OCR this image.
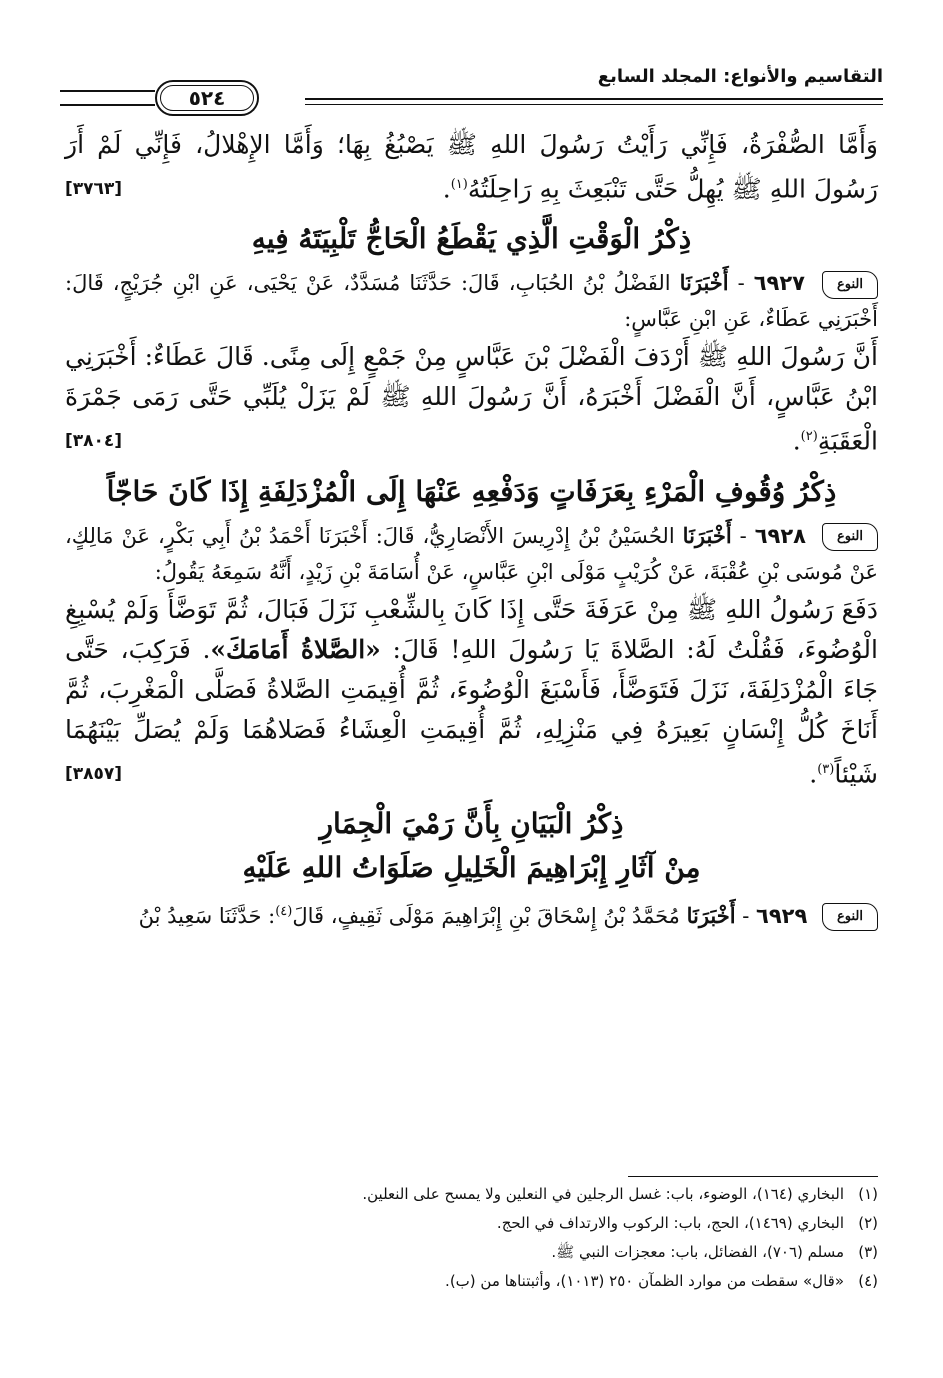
التقاسيم والأنواع: المجلد السابع
٥٢٤

وَأَمَّا الصُّفْرَةُ، فَإِنِّي رَأَيْتُ رَسُولَ اللهِ ﷺ يَصْبُغُ بِهَا؛ وَأَمَّا الإِهْلالُ، فَإِنِّي لَمْ أَرَ رَسُولَ اللهِ ﷺ يُهِلُّ حَتَّى تَنْبَعِثَ بِهِ رَاحِلَتُهُ$^{(١)}$.
[٣٧٦٣]

ذِكْرُ الْوَقْتِ الَّذِي يَقْطَعُ الْحَاجُّ تَلْبِيَتَهُ فِيهِ

النوع ٦٩٢٧ - أَخْبَرَنَا الفَضْلُ بْنُ الحُبَابِ، قَالَ: حَدَّثَنَا مُسَدَّدٌ، عَنْ يَحْيَى، عَنِ ابْنِ جُرَيْجٍ، قَالَ: أَخْبَرَنِي عَطَاءٌ، عَنِ ابْنِ عَبَّاسٍ:

أَنَّ رَسُولَ اللهِ ﷺ أَرْدَفَ الْفَضْلَ بْنَ عَبَّاسٍ مِنْ جَمْعٍ إِلَى مِنًى. قَالَ عَطَاءٌ: أَخْبَرَنِي ابْنُ عَبَّاسٍ، أَنَّ الْفَضْلَ أَخْبَرَهُ، أَنَّ رَسُولَ اللهِ ﷺ لَمْ يَزَلْ يُلَبِّي حَتَّى رَمَى جَمْرَةَ الْعَقَبَةِ$^{(٢)}$.
[٣٨٠٤]

ذِكْرُ وُقُوفِ الْمَرْءِ بِعَرَفَاتٍ وَدَفْعِهِ عَنْهَا إِلَى الْمُزْدَلِفَةِ إِذَا كَانَ حَاجّاً

النوع ٦٩٢٨ - أَخْبَرَنَا الحُسَيْنُ بْنُ إِدْرِيسَ الأَنْصَارِيُّ، قَالَ: أَخْبَرَنَا أَحْمَدُ بْنُ أَبِي بَكْرٍ، عَنْ مَالِكٍ، عَنْ مُوسَى بْنِ عُقْبَةَ، عَنْ كُرَيْبٍ مَوْلَى ابْنِ عَبَّاسٍ، عَنْ أُسَامَةَ بْنِ زَيْدٍ، أَنَّهُ سَمِعَهُ يَقُولُ:

دَفَعَ رَسُولُ اللهِ ﷺ مِنْ عَرَفَةَ حَتَّى إِذَا كَانَ بِالشِّعْبِ نَزَلَ فَبَالَ، ثُمَّ تَوَضَّأَ وَلَمْ يُسْبِغِ الْوُضُوءَ، فَقُلْتُ لَهُ: الصَّلاةَ يَا رَسُولَ اللهِ! قَالَ: «الصَّلاةُ أَمَامَكَ». فَرَكِبَ، حَتَّى جَاءَ الْمُزْدَلِفَةَ، نَزَلَ فَتَوَضَّأَ، فَأَسْبَغَ الْوُضُوءَ، ثُمَّ أُقِيمَتِ الصَّلاةُ فَصَلَّى الْمَغْرِبَ، ثُمَّ أَنَاخَ كُلُّ إِنْسَانٍ بَعِيرَهُ فِي مَنْزِلِهِ، ثُمَّ أُقِيمَتِ الْعِشَاءُ فَصَلاهُمَا وَلَمْ يُصَلِّ بَيْنَهُمَا شَيْئاً$^{(٣)}$.
[٣٨٥٧]

ذِكْرُ الْبَيَانِ بِأَنَّ رَمْيَ الْجِمَارِ
مِنْ آثَارِ إِبْرَاهِيمَ الْخَلِيلِ صَلَوَاتُ اللهِ عَلَيْهِ

النوع ٦٩٢٩ - أَخْبَرَنَا مُحَمَّدُ بْنُ إِسْحَاقَ بْنِ إِبْرَاهِيمَ مَوْلَى ثَقِيفٍ، قَالَ$^{(٤)}$: حَدَّثَنَا سَعِيدُ بْنُ

(١)البخاري (١٦٤)، الوضوء، باب: غسل الرجلين في النعلين ولا يمسح على النعلين.

(٢)البخاري (١٤٦٩)، الحج، باب: الركوب والارتداف في الحج.

(٣)مسلم (٧٠٦)، الفضائل، باب: معجزات النبي ﷺ.

(٤)«قال» سقطت من موارد الظمآن ٢٥٠ (١٠١٣)، وأثبتناها من (ب).
